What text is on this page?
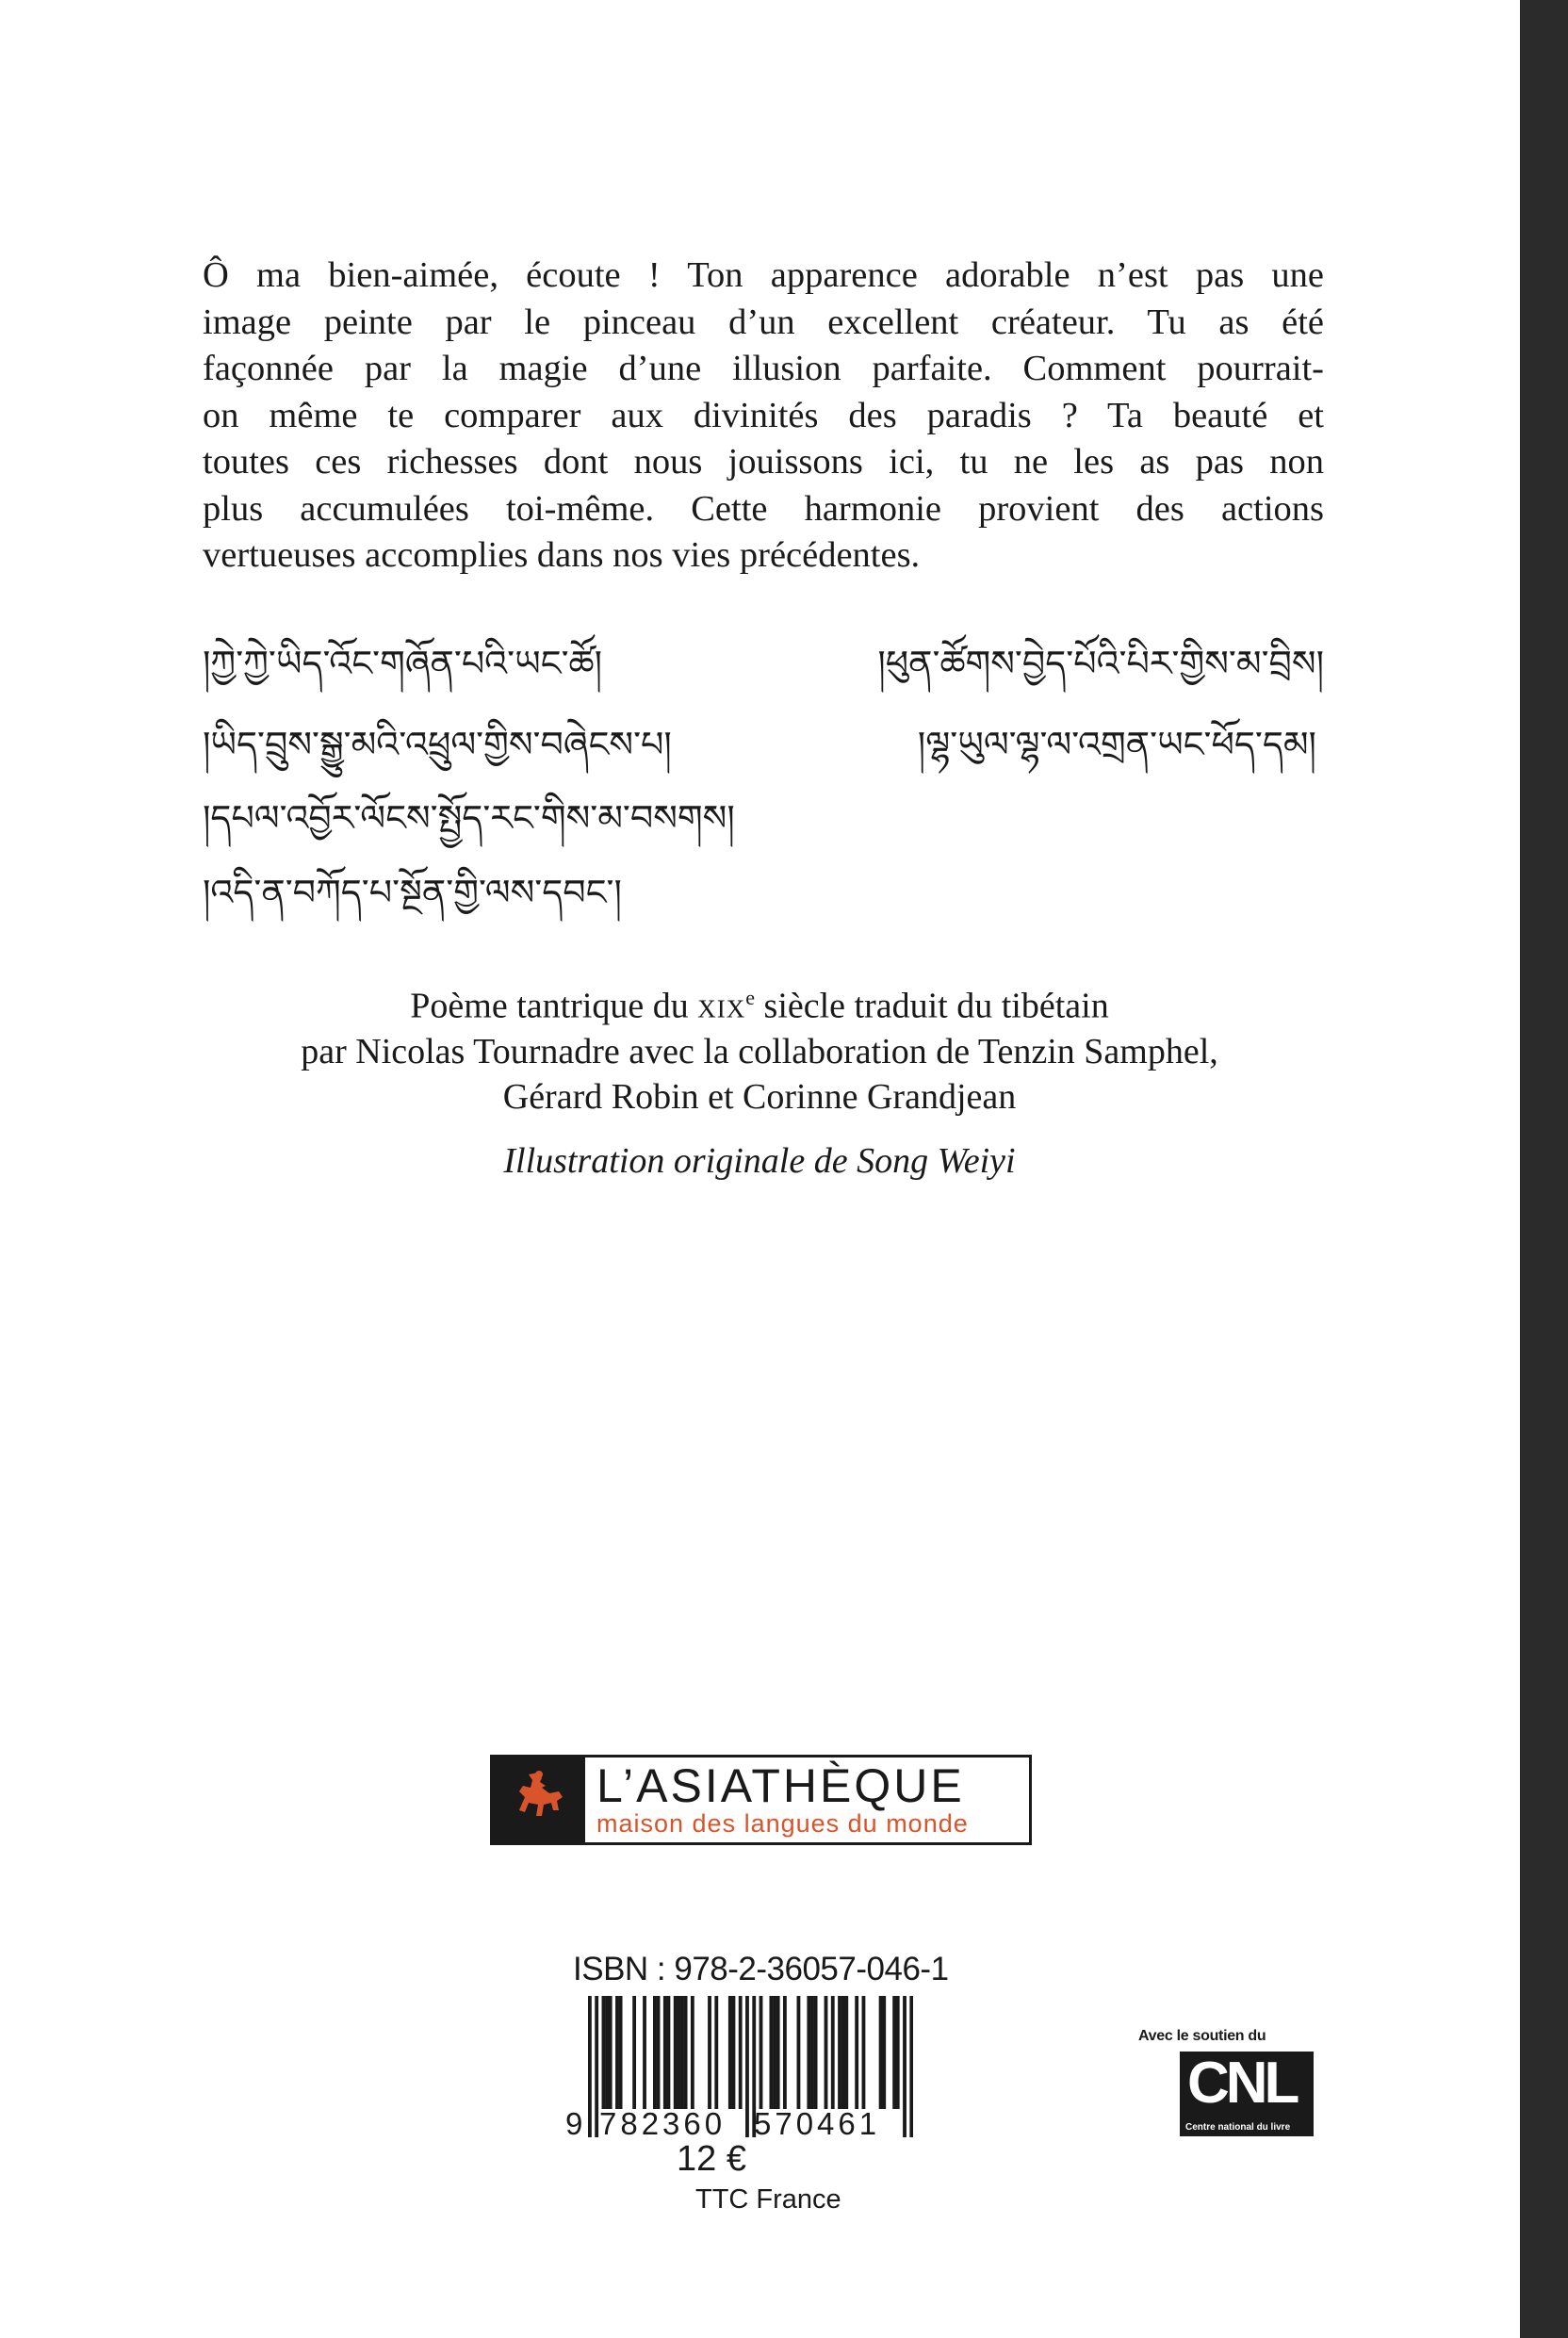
Ô ma bien-aimée, écoute ! Ton apparence adorable n’est pas une
image peinte par le pinceau d’un excellent créateur. Tu as été
façonnée par la magie d’une illusion parfaite. Comment pourrait-
on même te comparer aux divinités des paradis ? Ta beauté et
toutes ces richesses dont nous jouissons ici, tu ne les as pas non
plus accumulées toi-même. Cette harmonie provient des actions
vertueuses accomplies dans nos vies précédentes.
།ཀྱེ་ཀྱེ་ཡིད་འོང་གཞོན་པའི་ཡང་ཚོ།	།ཕུན་ཚོགས་བྱེད་པོའི་པིར་གྱིས་མ་བྲིས།
།ཡིད་བྲུས་སྒྱུ་མའི་འཕྲུལ་གྱིས་བཞེངས་པ།	།ལྷ་ཡུལ་ལྷ་ལ་འགྲན་ཡང་ཕོད་དམ།
།དཔལ་འབྱོར་ལོངས་སྤྱོད་རང་གིས་མ་བསགས།
།འདི་ན་བཀོད་པ་སྔོན་གྱི་ལས་དབང་།
Poème tantrique du xix$^e$ siècle traduit du tibétain
par Nicolas Tournadre avec la collaboration de Tenzin Samphel,
Gérard Robin et Corinne Grandjean
Illustration originale de Song Weiyi
L’ASIATHÈQUE
maison des langues du monde
ISBN : 978-2-36057-046-1
9 782360 570461
12 €
TTC France
Avec le soutien du
CNL
Centre national du livre
